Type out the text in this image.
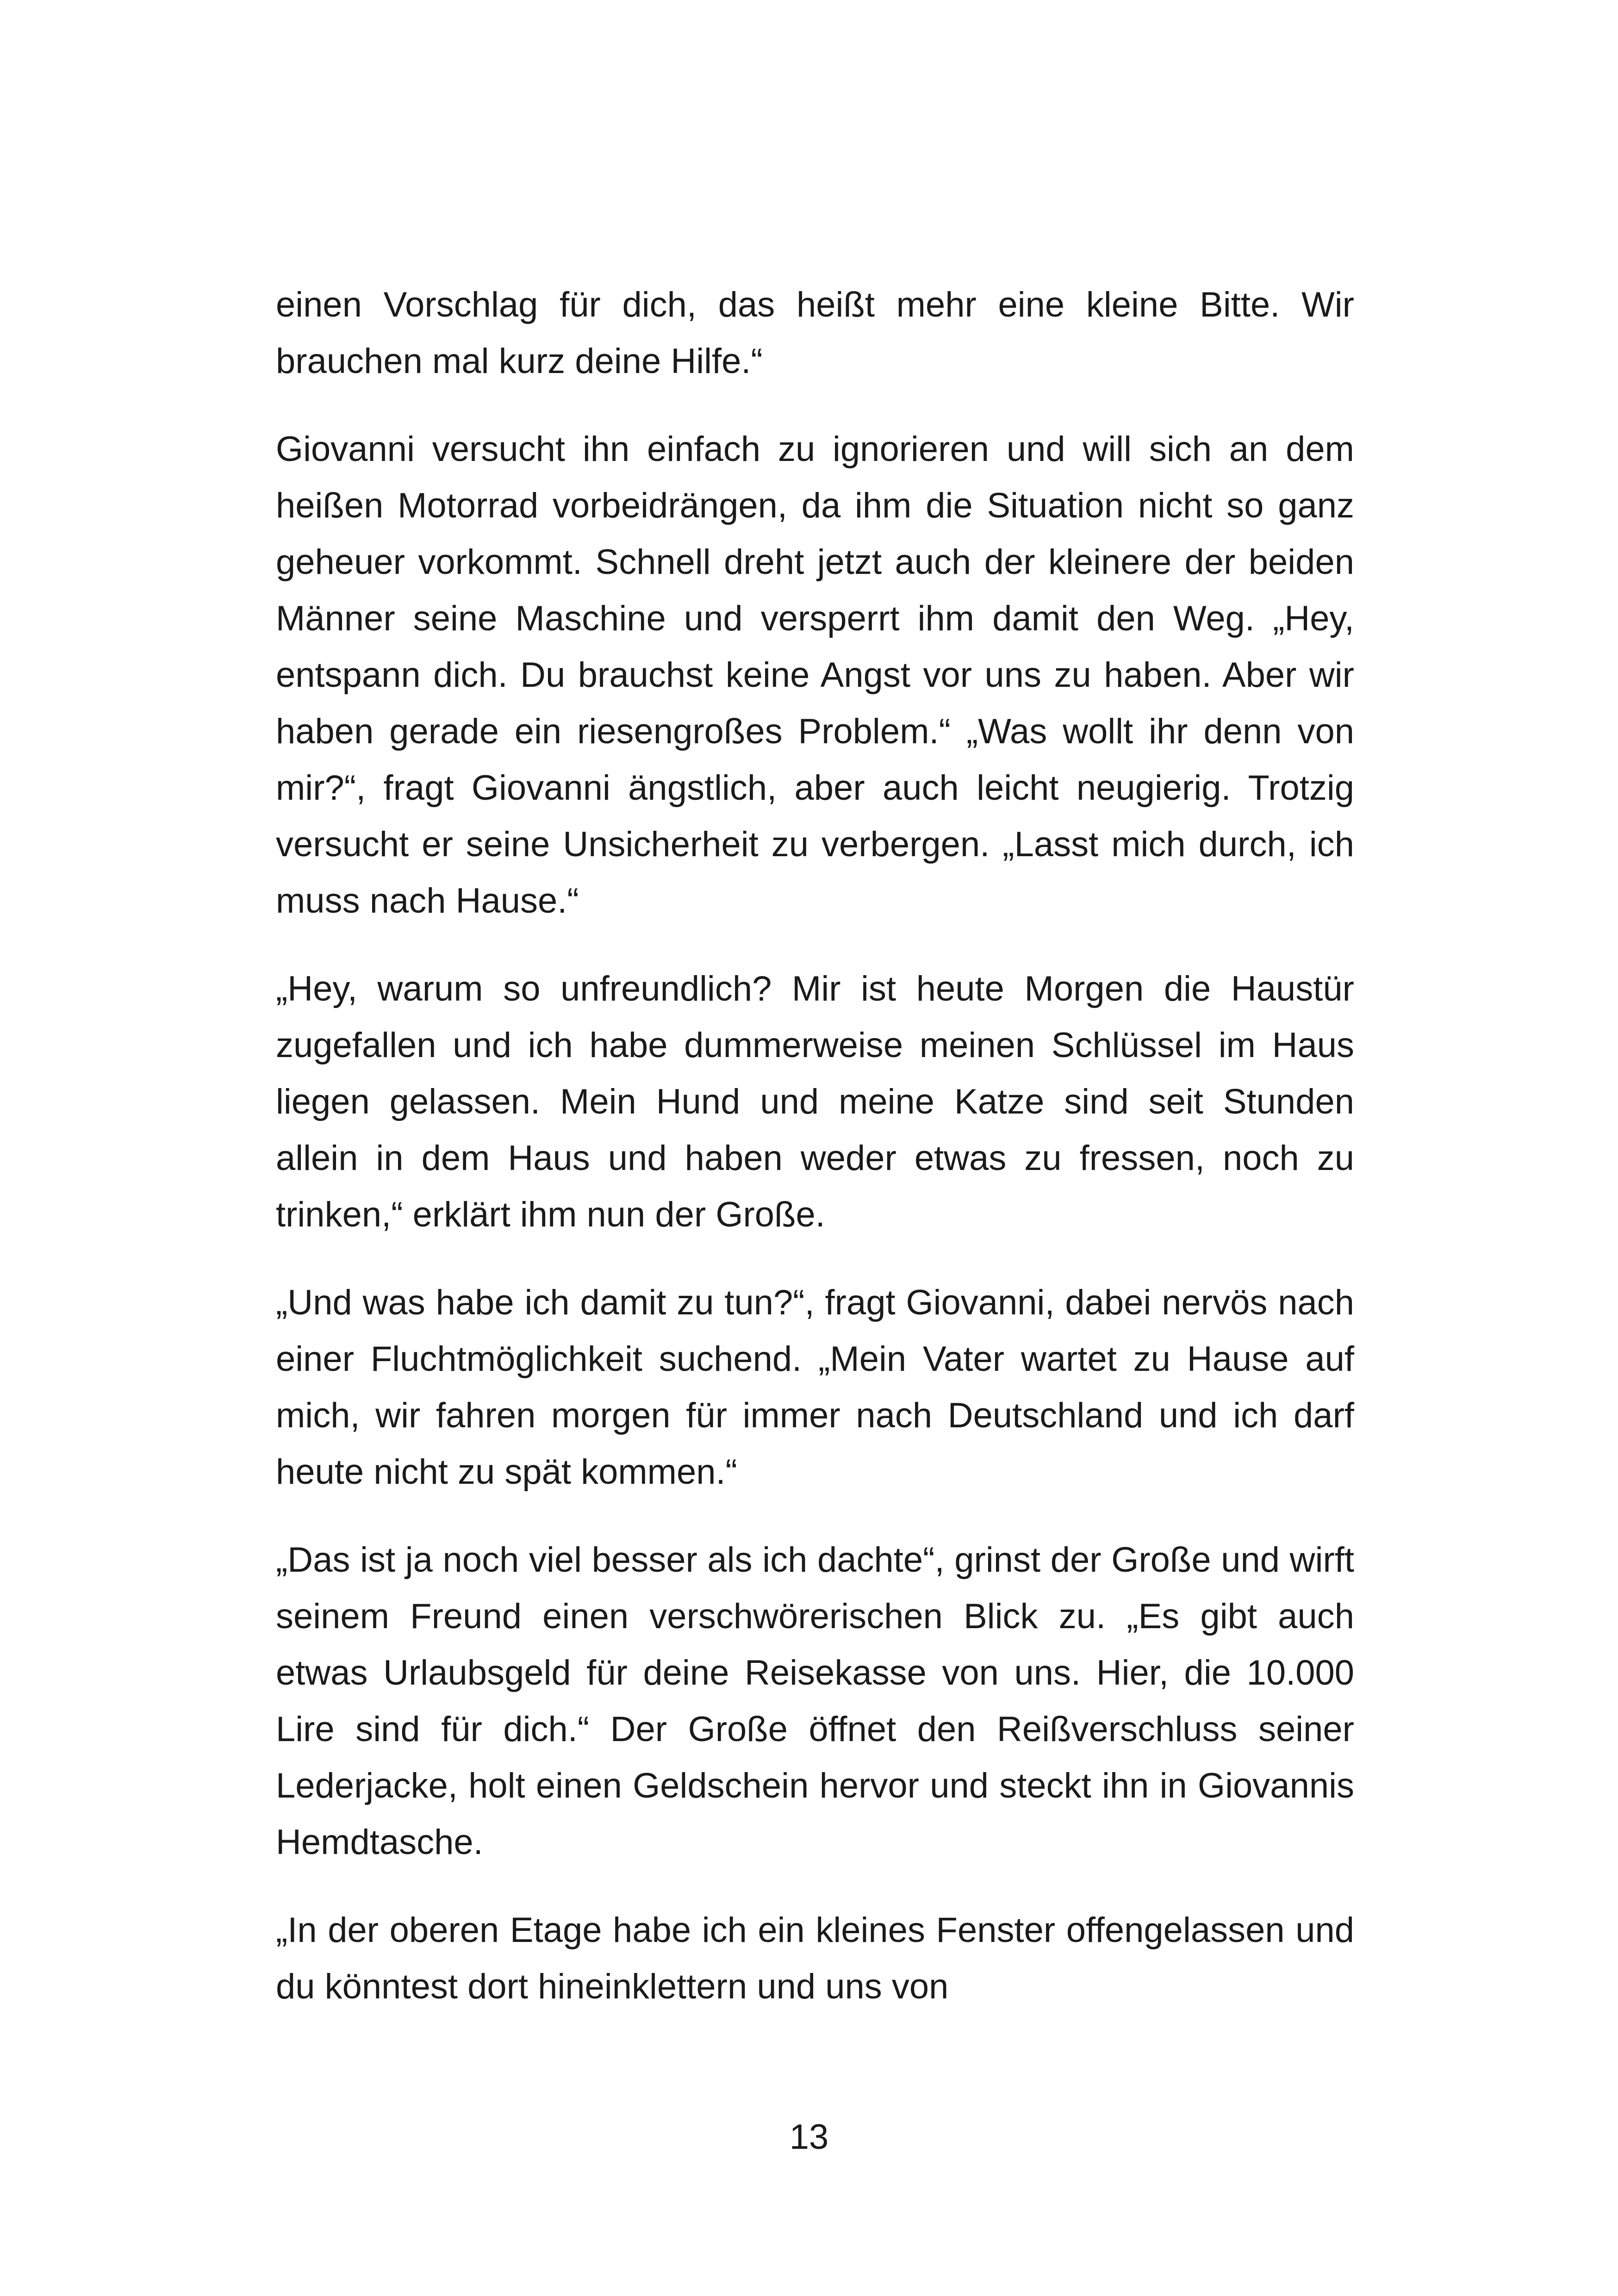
einen Vorschlag für dich, das heißt mehr eine kleine Bitte. Wir brauchen mal kurz deine Hilfe.“

Giovanni versucht ihn einfach zu ignorieren und will sich an dem heißen Motorrad vorbeidrängen, da ihm die Situation nicht so ganz geheuer vorkommt. Schnell dreht jetzt auch der kleinere der beiden Männer seine Maschine und versperrt ihm damit den Weg. „Hey, entspann dich. Du brauchst keine Angst vor uns zu haben. Aber wir haben gerade ein riesengroßes Problem.“ „Was wollt ihr denn von mir?“, fragt Giovanni ängstlich, aber auch leicht neugierig. Trotzig versucht er seine Unsicherheit zu verbergen. „Lasst mich durch, ich muss nach Hause.“

„Hey, warum so unfreundlich? Mir ist heute Morgen die Haustür zugefallen und ich habe dummerweise meinen Schlüssel im Haus liegen gelassen. Mein Hund und meine Katze sind seit Stunden allein in dem Haus und haben weder etwas zu fressen, noch zu trinken,“ erklärt ihm nun der Große.

„Und was habe ich damit zu tun?“, fragt Giovanni, dabei nervös nach einer Fluchtmöglichkeit suchend. „Mein Vater wartet zu Hause auf mich, wir fahren morgen für immer nach Deutschland und ich darf heute nicht zu spät kommen.“

„Das ist ja noch viel besser als ich dachte“, grinst der Große und wirft seinem Freund einen verschwörerischen Blick zu. „Es gibt auch etwas Urlaubsgeld für deine Reisekasse von uns. Hier, die 10.000 Lire sind für dich.“ Der Große öffnet den Reißverschluss seiner Lederjacke, holt einen Geldschein hervor und steckt ihn in Giovannis Hemdtasche.

„In der oberen Etage habe ich ein kleines Fenster offengelassen und du könntest dort hineinklettern und uns von

13
